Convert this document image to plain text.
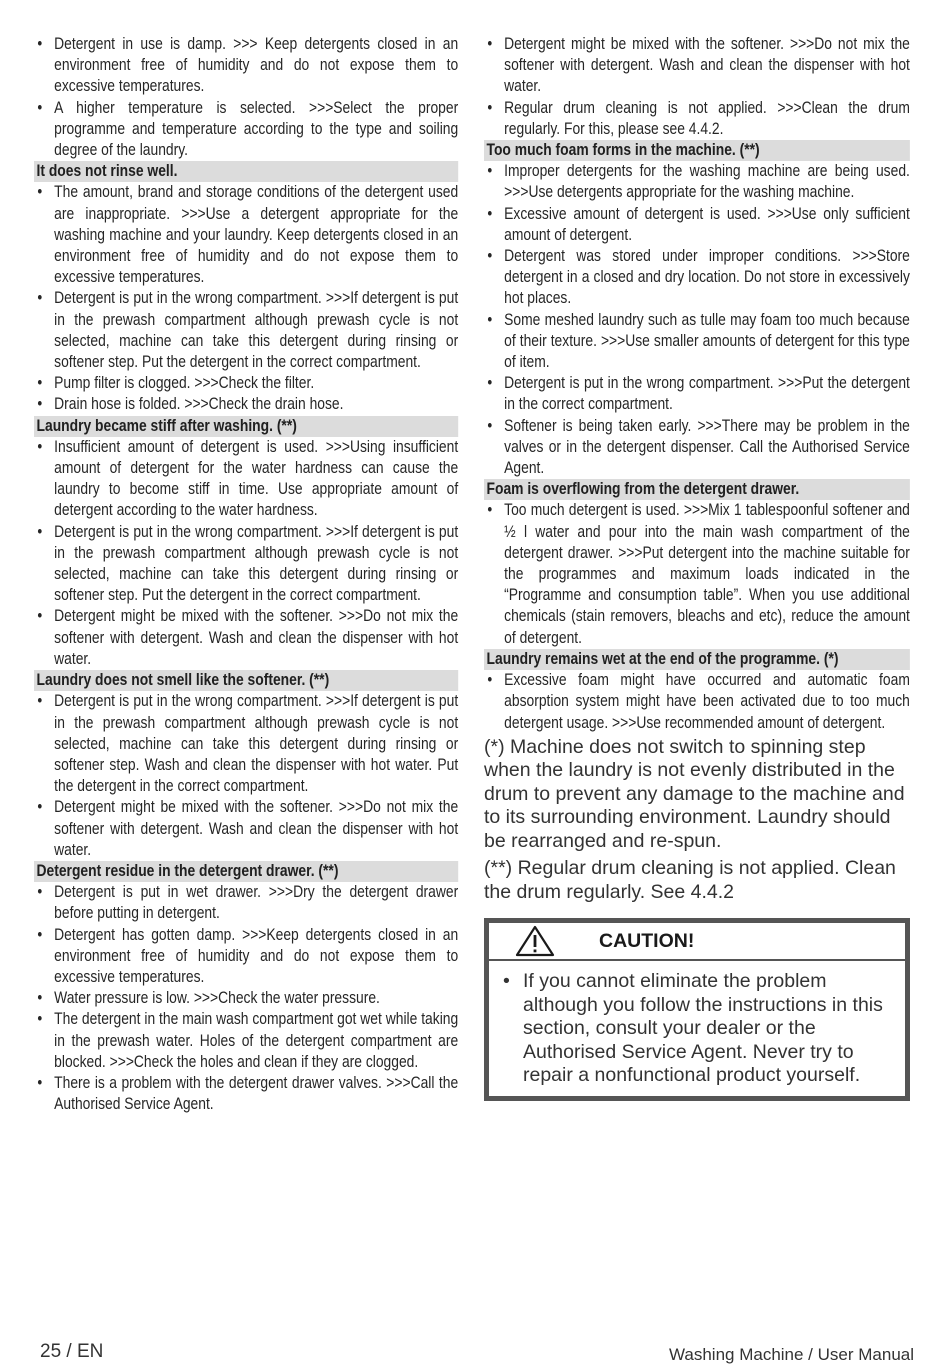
• Detergent in use is damp. >>> Keep detergents closed in an environment free of humidity and do not expose them to excessive temperatures.
• A higher temperature is selected. >>>Select the proper programme and temperature according to the type and soiling degree of the laundry.
It does not rinse well.
• The amount, brand and storage conditions of the detergent used are inappropriate. >>>Use a detergent appropriate for the washing machine and your laundry. Keep detergents closed in an environment free of humidity and do not expose them to excessive temperatures.
• Detergent is put in the wrong compartment. >>>If detergent is put in the prewash compartment although prewash cycle is not selected, machine can take this detergent during rinsing or softener step. Put the detergent in the correct compartment.
• Pump filter is clogged. >>>Check the filter.
• Drain hose is folded. >>>Check the drain hose.
Laundry became stiff after washing. (**)
• Insufficient amount of detergent is used. >>>Using insufficient amount of detergent for the water hardness can cause the laundry to become stiff in time. Use appropriate amount of detergent according to the water hardness.
• Detergent is put in the wrong compartment. >>>If detergent is put in the prewash compartment although prewash cycle is not selected, machine can take this detergent during rinsing or softener step. Put the detergent in the correct compartment.
• Detergent might be mixed with the softener. >>>Do not mix the softener with detergent. Wash and clean the dispenser with hot water.
Laundry does not smell like the softener. (**)
• Detergent is put in the wrong compartment. >>>If detergent is put in the prewash compartment although prewash cycle is not selected, machine can take this detergent during rinsing or softener step. Wash and clean the dispenser with hot water. Put the detergent in the correct compartment.
• Detergent might be mixed with the softener. >>>Do not mix the softener with detergent. Wash and clean the dispenser with hot water.
Detergent residue in the detergent drawer. (**)
• Detergent is put in wet drawer. >>>Dry the detergent drawer before putting in detergent.
• Detergent has gotten damp. >>>Keep detergents closed in an environment free of humidity and do not expose them to excessive temperatures.
• Water pressure is low. >>>Check the water pressure.
• The detergent in the main wash compartment got wet while taking in the prewash water. Holes of the detergent compartment are blocked. >>>Check the holes and clean if they are clogged.
• There is a problem with the detergent drawer valves. >>>Call the Authorised Service Agent.
• Detergent might be mixed with the softener. >>>Do not mix the softener with detergent. Wash and clean the dispenser with hot water.
• Regular drum cleaning is not applied. >>>Clean the drum regularly. For this, please see 4.4.2.
Too much foam forms in the machine. (**)
• Improper detergents for the washing machine are being used. >>>Use detergents appropriate for the washing machine.
• Excessive amount of detergent is used. >>>Use only sufficient amount of detergent.
• Detergent was stored under improper conditions. >>>Store detergent in a closed and dry location. Do not store in excessively hot places.
• Some meshed laundry such as tulle may foam too much because of their texture. >>>Use smaller amounts of detergent for this type of item.
• Detergent is put in the wrong compartment. >>>Put the detergent in the correct compartment.
• Softener is being taken early. >>>There may be problem in the valves or in the detergent dispenser. Call the Authorised Service Agent.
Foam is overflowing from the detergent drawer.
• Too much detergent is used. >>>Mix 1 tablespoonful softener and ½ l water and pour into the main wash compartment of the detergent drawer. >>>Put detergent into the machine suitable for the programmes and maximum loads indicated in the “Programme and consumption table”. When you use additional chemicals (stain removers, bleachs and etc), reduce the amount of detergent.
Laundry remains wet at the end of the programme. (*)
• Excessive foam might have occurred and automatic foam absorption system might have been activated due to too much detergent usage. >>>Use recommended amount of detergent.

(*) Machine does not switch to spinning step when the laundry is not evenly distributed in the drum to prevent any damage to the machine and to its surrounding environment. Laundry should be rearranged and re-spun.

(**) Regular drum cleaning is not applied. Clean the drum regularly. See 4.4.2

CAUTION!
• If you cannot eliminate the problem although you follow the instructions in this section, consult your dealer or the Authorised Service Agent. Never try to repair a nonfunctional product yourself.
25 / EN	Washing Machine / User Manual
